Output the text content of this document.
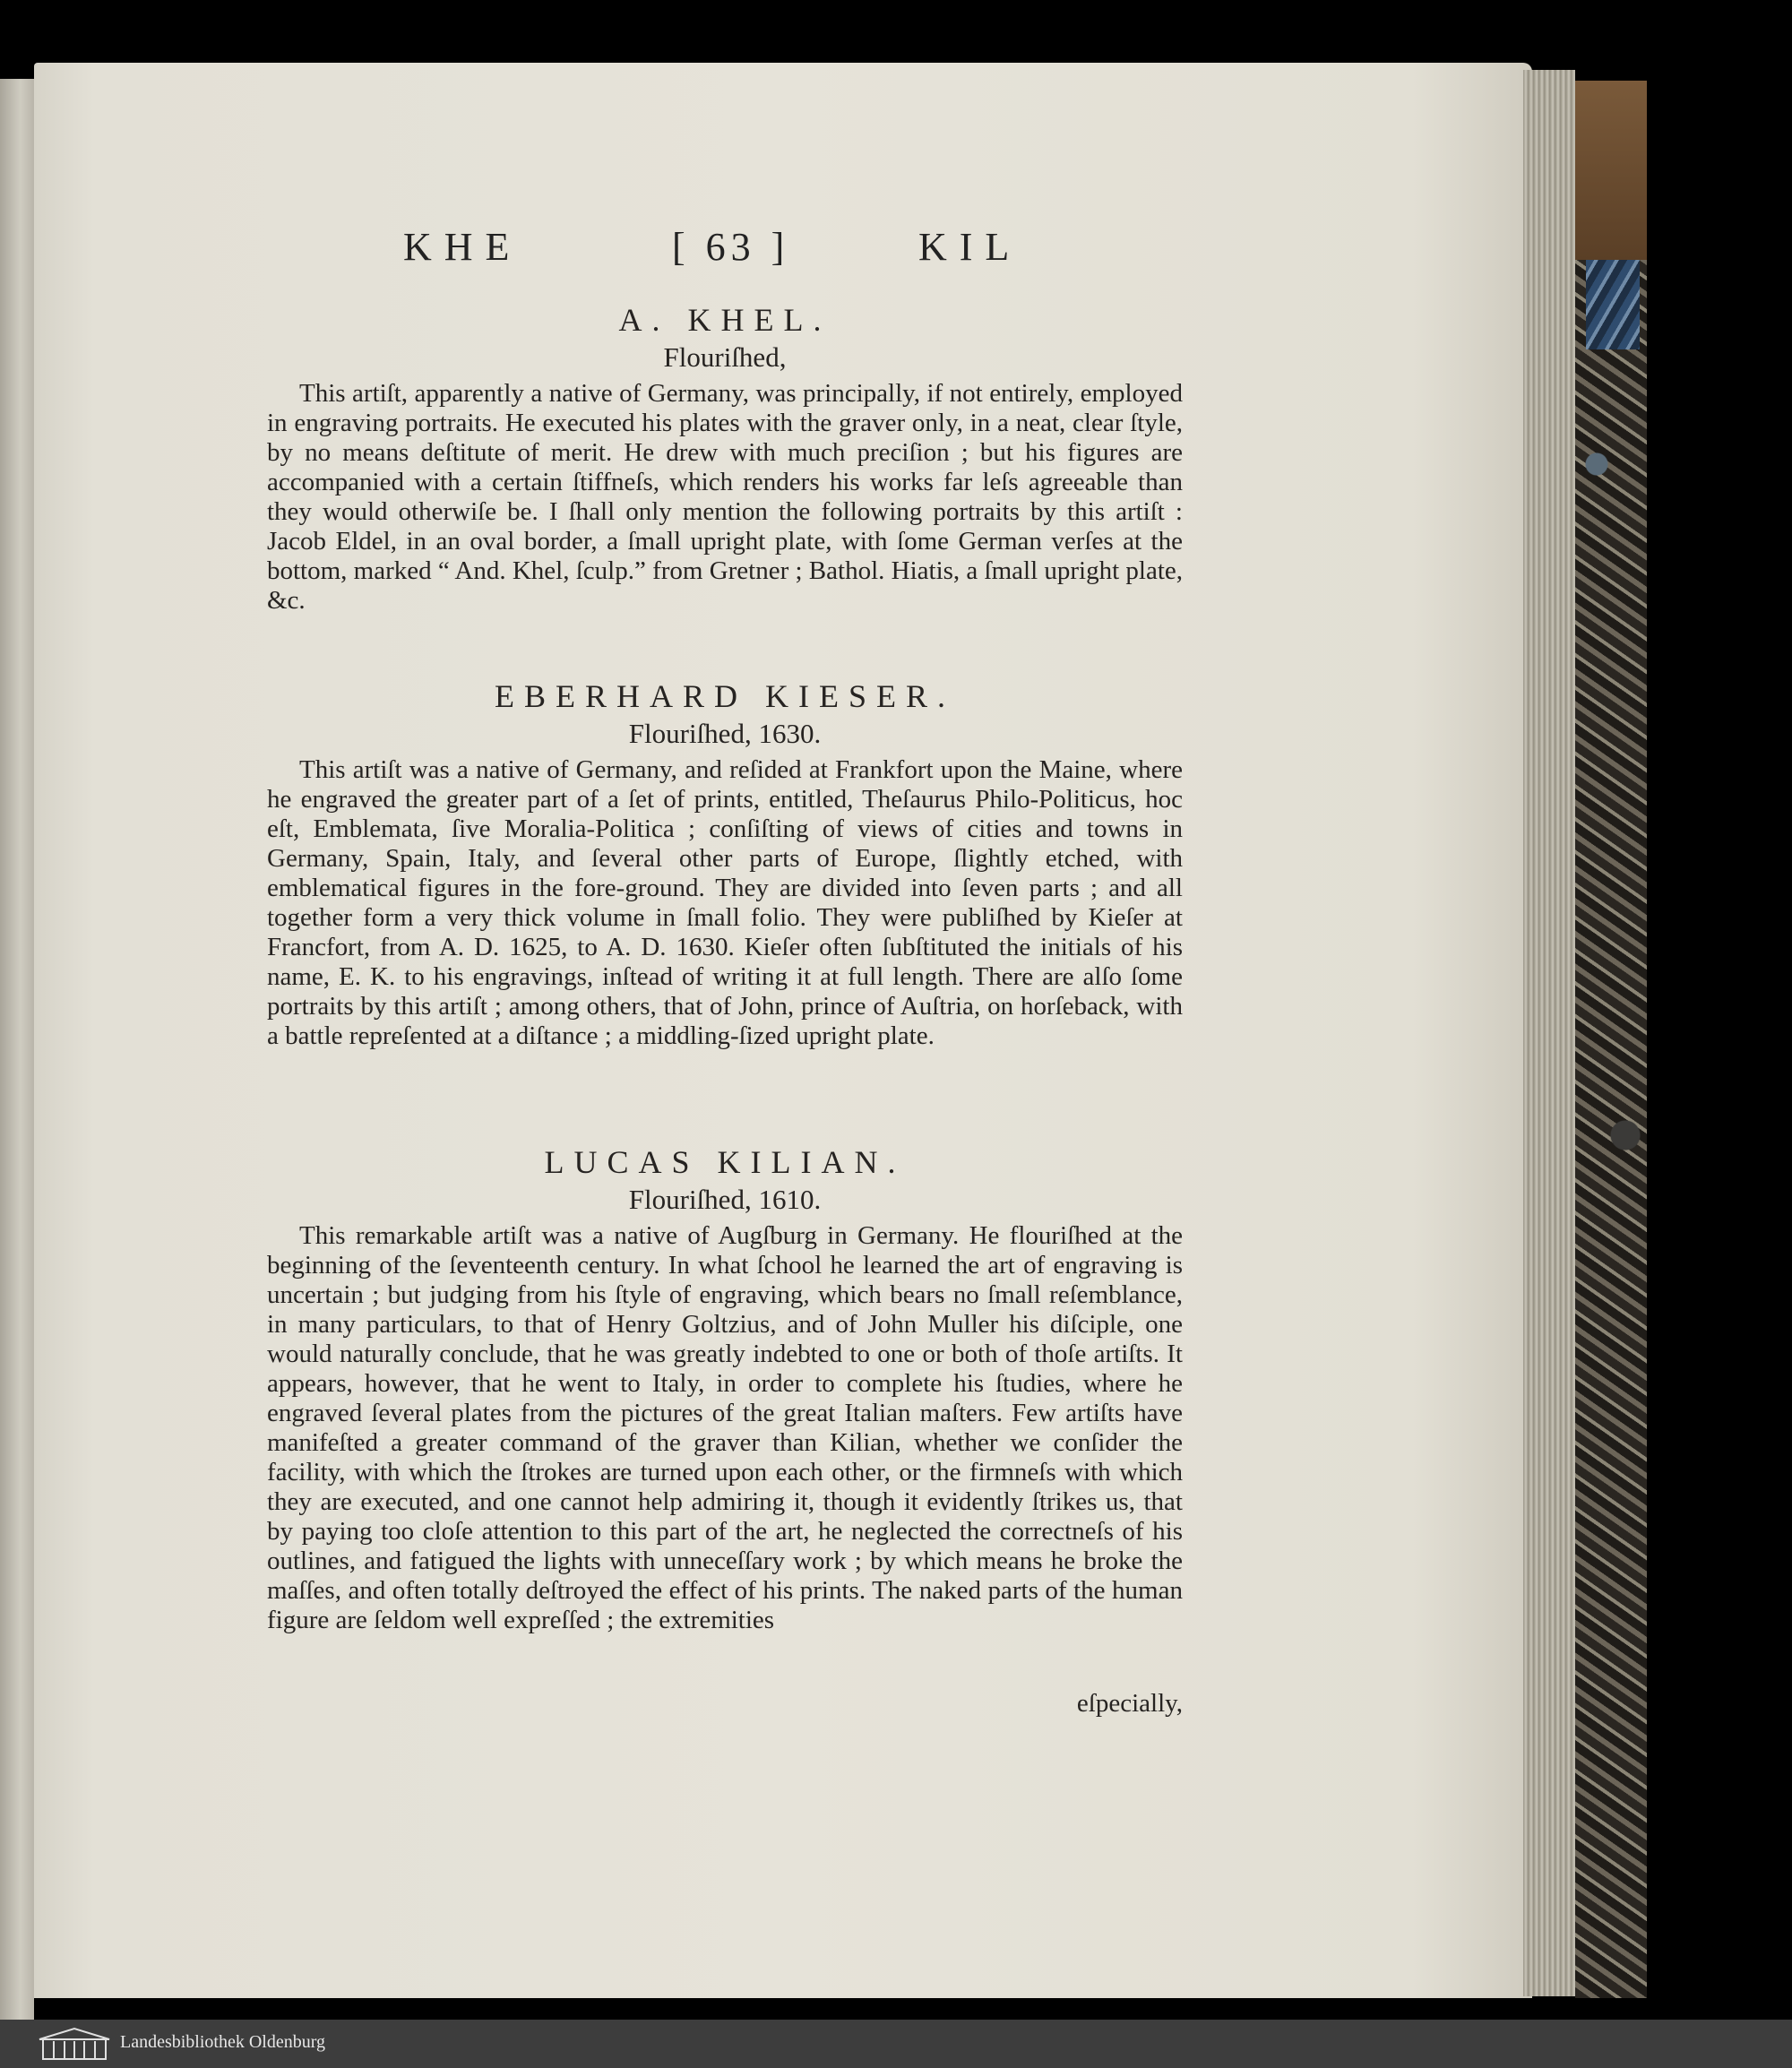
KHE	[ 63 ]	KIL

A. KHEL.

Flouriſhed,

This artiſt, apparently a native of Germany, was principally, if not entirely, employed in engraving portraits. He executed his plates with the graver only, in a neat, clear ſtyle, by no means deſtitute of merit. He drew with much preciſion ; but his figures are accompanied with a certain ſtiffneſs, which renders his works far leſs agreeable than they would otherwiſe be. I ſhall only mention the following portraits by this artiſt : Jacob Eldel, in an oval border, a ſmall upright plate, with ſome German verſes at the bottom, marked “ And. Khel, ſculp.” from Gretner ; Bathol. Hiatis, a ſmall upright plate, &c.

EBERHARD KIESER.

Flouriſhed, 1630.

This artiſt was a native of Germany, and reſided at Frankfort upon the Maine, where he engraved the greater part of a ſet of prints, entitled, Theſaurus Philo-Politicus, hoc eſt, Emblemata, ſive Moralia-Politica ; conſiſting of views of cities and towns in Germany, Spain, Italy, and ſeveral other parts of Europe, ſlightly etched, with emblematical figures in the fore-ground. They are divided into ſeven parts ; and all together form a very thick volume in ſmall folio. They were publiſhed by Kieſer at Francfort, from A. D. 1625, to A. D. 1630. Kieſer often ſubſtituted the initials of his name, E. K. to his engravings, inſtead of writing it at full length. There are alſo ſome portraits by this artiſt ; among others, that of John, prince of Auſtria, on horſeback, with a battle repreſented at a diſtance ; a middling-ſized upright plate.

LUCAS KILIAN.

Flouriſhed, 1610.

This remarkable artiſt was a native of Augſburg in Germany. He flouriſhed at the beginning of the ſeventeenth century. In what ſchool he learned the art of engraving is uncertain ; but judging from his ſtyle of engraving, which bears no ſmall reſemblance, in many particulars, to that of Henry Goltzius, and of John Muller his diſciple, one would naturally conclude, that he was greatly indebted to one or both of thoſe artiſts. It appears, however, that he went to Italy, in order to complete his ſtudies, where he engraved ſeveral plates from the pictures of the great Italian maſters. Few artiſts have manifeſted a greater command of the graver than Kilian, whether we conſider the facility, with which the ſtrokes are turned upon each other, or the firmneſs with which they are executed, and one cannot help admiring it, though it evidently ſtrikes us, that by paying too cloſe attention to this part of the art, he neglected the correctneſs of his outlines, and fatigued the lights with unneceſſary work ; by which means he broke the maſſes, and often totally deſtroyed the effect of his prints. The naked parts of the human figure are ſeldom well expreſſed ; the extremities

eſpecially,
Landesbibliothek Oldenburg
